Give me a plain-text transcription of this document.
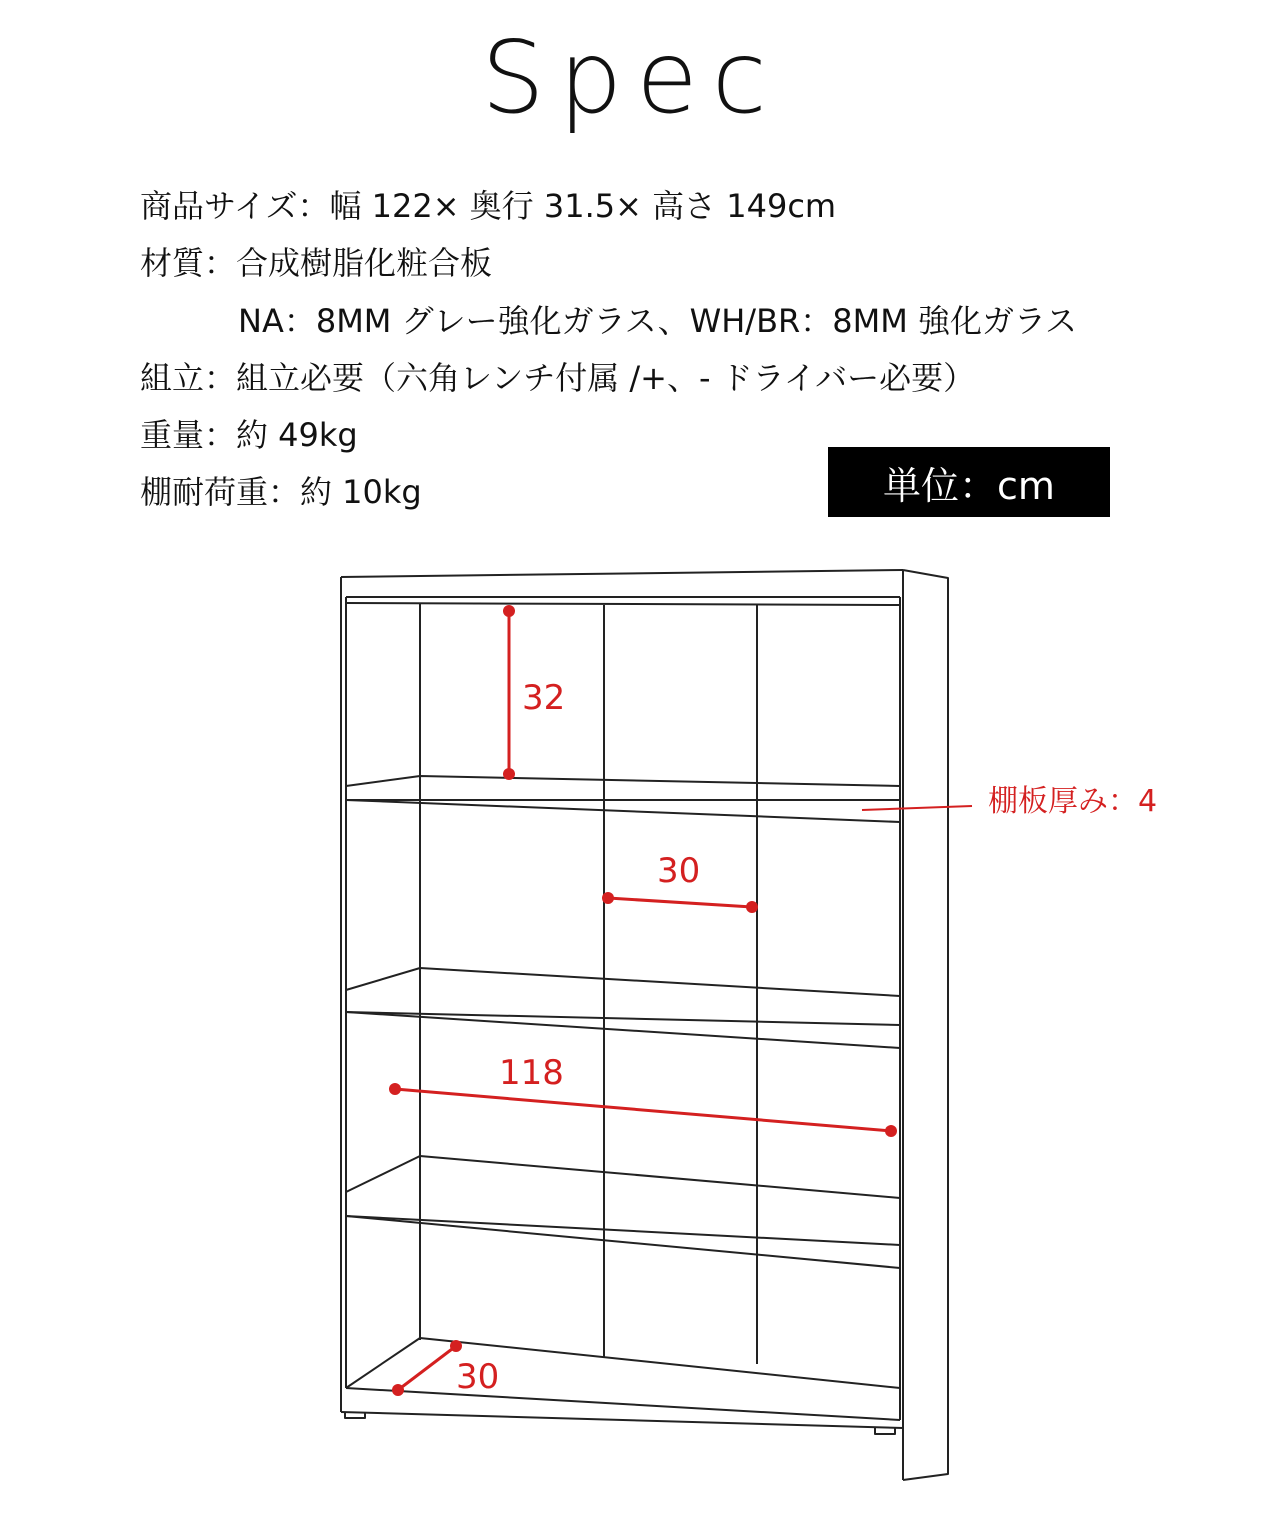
Spec
商品サイズ：幅 122× 奥行 31.5× 高さ 149cm
材質：合成樹脂化粧合板
NA：8MM グレー強化ガラス、WH/BR：8MM 強化ガラス
組立：組立必要（六角レンチ付属 /+、- ドライバー必要）
重量：約 49kg
棚耐荷重：約 10kg	単位：cm
32
棚板厚み：4
30
118
30
